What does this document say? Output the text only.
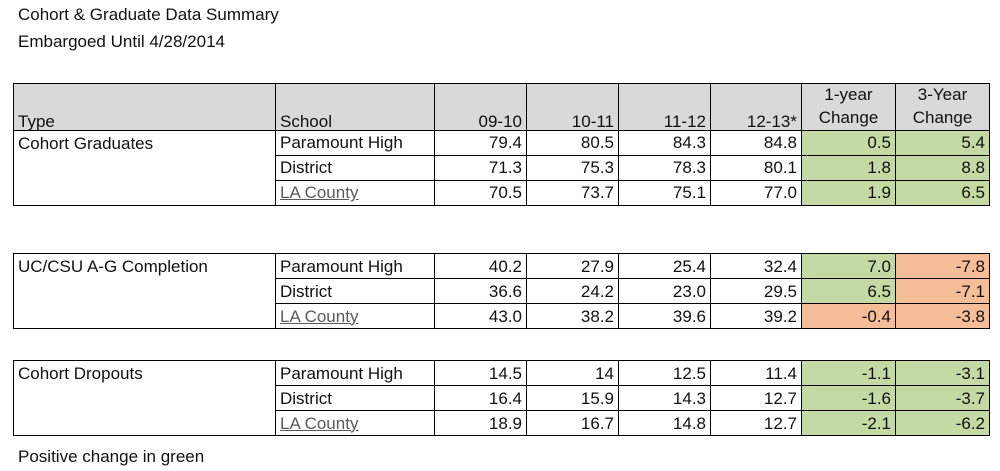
Cohort & Graduate Data Summary
Embargoed Until 4/28/2014
Type	School	09-10	10-11	11-12	12-13*	1-year Change	3-Year Change
Cohort Graduates	Paramount High	79.4	80.5	84.3	84.8	0.5	5.4
	District	71.3	75.3	78.3	80.1	1.8	8.8
	LA County	70.5	73.7	75.1	77.0	1.9	6.5
UC/CSU A-G Completion	Paramount High	40.2	27.9	25.4	32.4	7.0	-7.8
	District	36.6	24.2	23.0	29.5	6.5	-7.1
	LA County	43.0	38.2	39.6	39.2	-0.4	-3.8
Cohort Dropouts	Paramount High	14.5	14	12.5	11.4	-1.1	-3.1
	District	16.4	15.9	14.3	12.7	-1.6	-3.7
	LA County	18.9	16.7	14.8	12.7	-2.1	-6.2
Positive change in green
